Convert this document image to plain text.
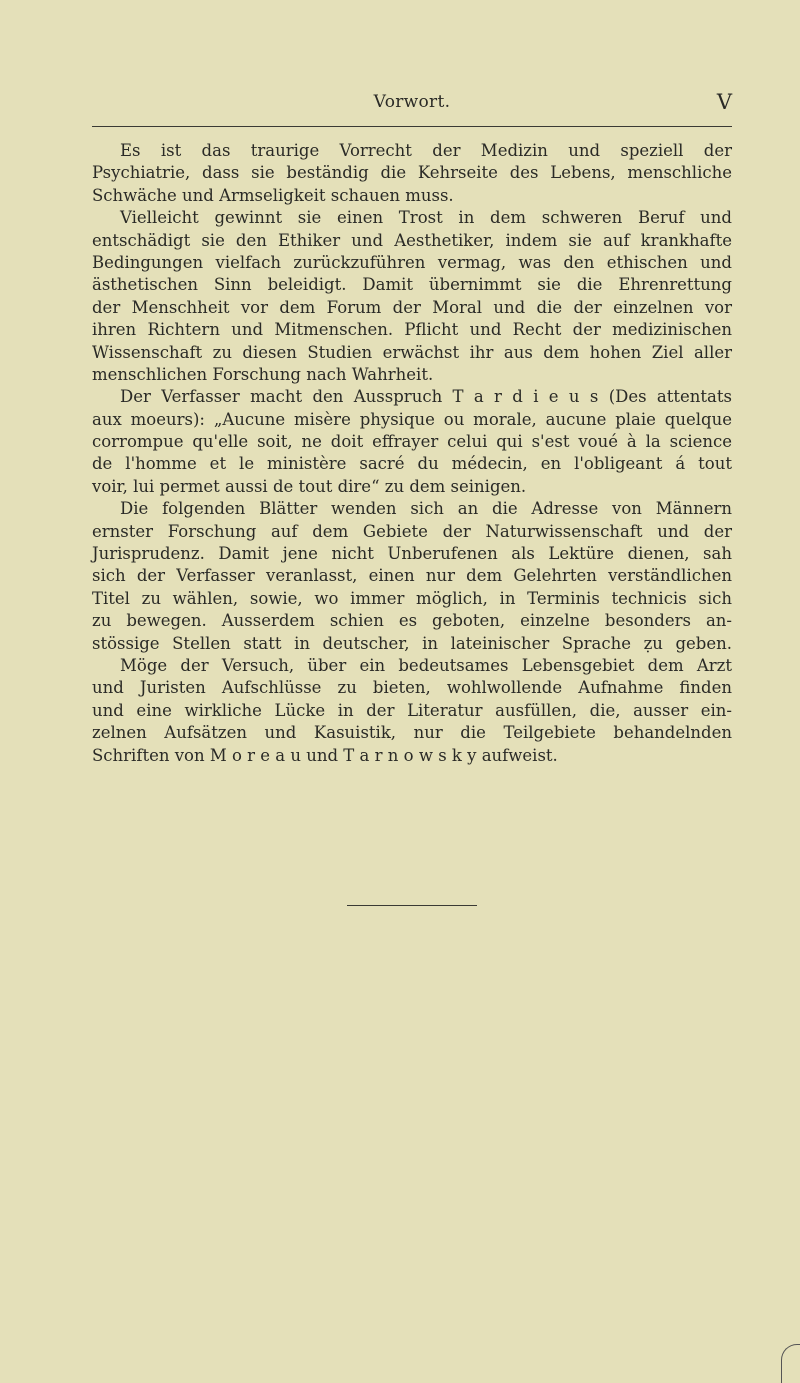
Vorwort.	V
Es ist das traurige Vorrecht der Medizin und speziell der
Psychiatrie, dass sie beständig die Kehrseite des Lebens, menschliche
Schwäche und Armseligkeit schauen muss.
Vielleicht gewinnt sie einen Trost in dem schweren Beruf und
entschädigt sie den Ethiker und Aesthetiker, indem sie auf krankhafte
Bedingungen vielfach zurückzuführen vermag, was den ethischen und
ästhetischen Sinn beleidigt. Damit übernimmt sie die Ehrenrettung
der Menschheit vor dem Forum der Moral und die der einzelnen vor
ihren Richtern und Mitmenschen. Pflicht und Recht der medizinischen
Wissenschaft zu diesen Studien erwächst ihr aus dem hohen Ziel aller
menschlichen Forschung nach Wahrheit.
Der Verfasser macht den Ausspruch T a r d i e u s (Des attentats
aux moeurs): „Aucune misère physique ou morale, aucune plaie quelque
corrompue qu'elle soit, ne doit effrayer celui qui s'est voué à la science
de l'homme et le ministère sacré du médecin, en l'obligeant á tout
voir, lui permet aussi de tout dire“ zu dem seinigen.
Die folgenden Blätter wenden sich an die Adresse von Männern
ernster Forschung auf dem Gebiete der Naturwissenschaft und der
Jurisprudenz. Damit jene nicht Unberufenen als Lektüre dienen, sah
sich der Verfasser veranlasst, einen nur dem Gelehrten verständlichen
Titel zu wählen, sowie, wo immer möglich, in Terminis technicis sich
zu bewegen. Ausserdem schien es geboten, einzelne besonders an-
stössige Stellen statt in deutscher, in lateinischer Sprache ẓu geben.
Möge der Versuch, über ein bedeutsames Lebensgebiet dem Arzt
und Juristen Aufschlüsse zu bieten, wohlwollende Aufnahme finden
und eine wirkliche Lücke in der Literatur ausfüllen, die, ausser ein-
zelnen Aufsätzen und Kasuistik, nur die Teilgebiete behandelnden
Schriften von M o r e a u und T a r n o w s k y aufweist.
